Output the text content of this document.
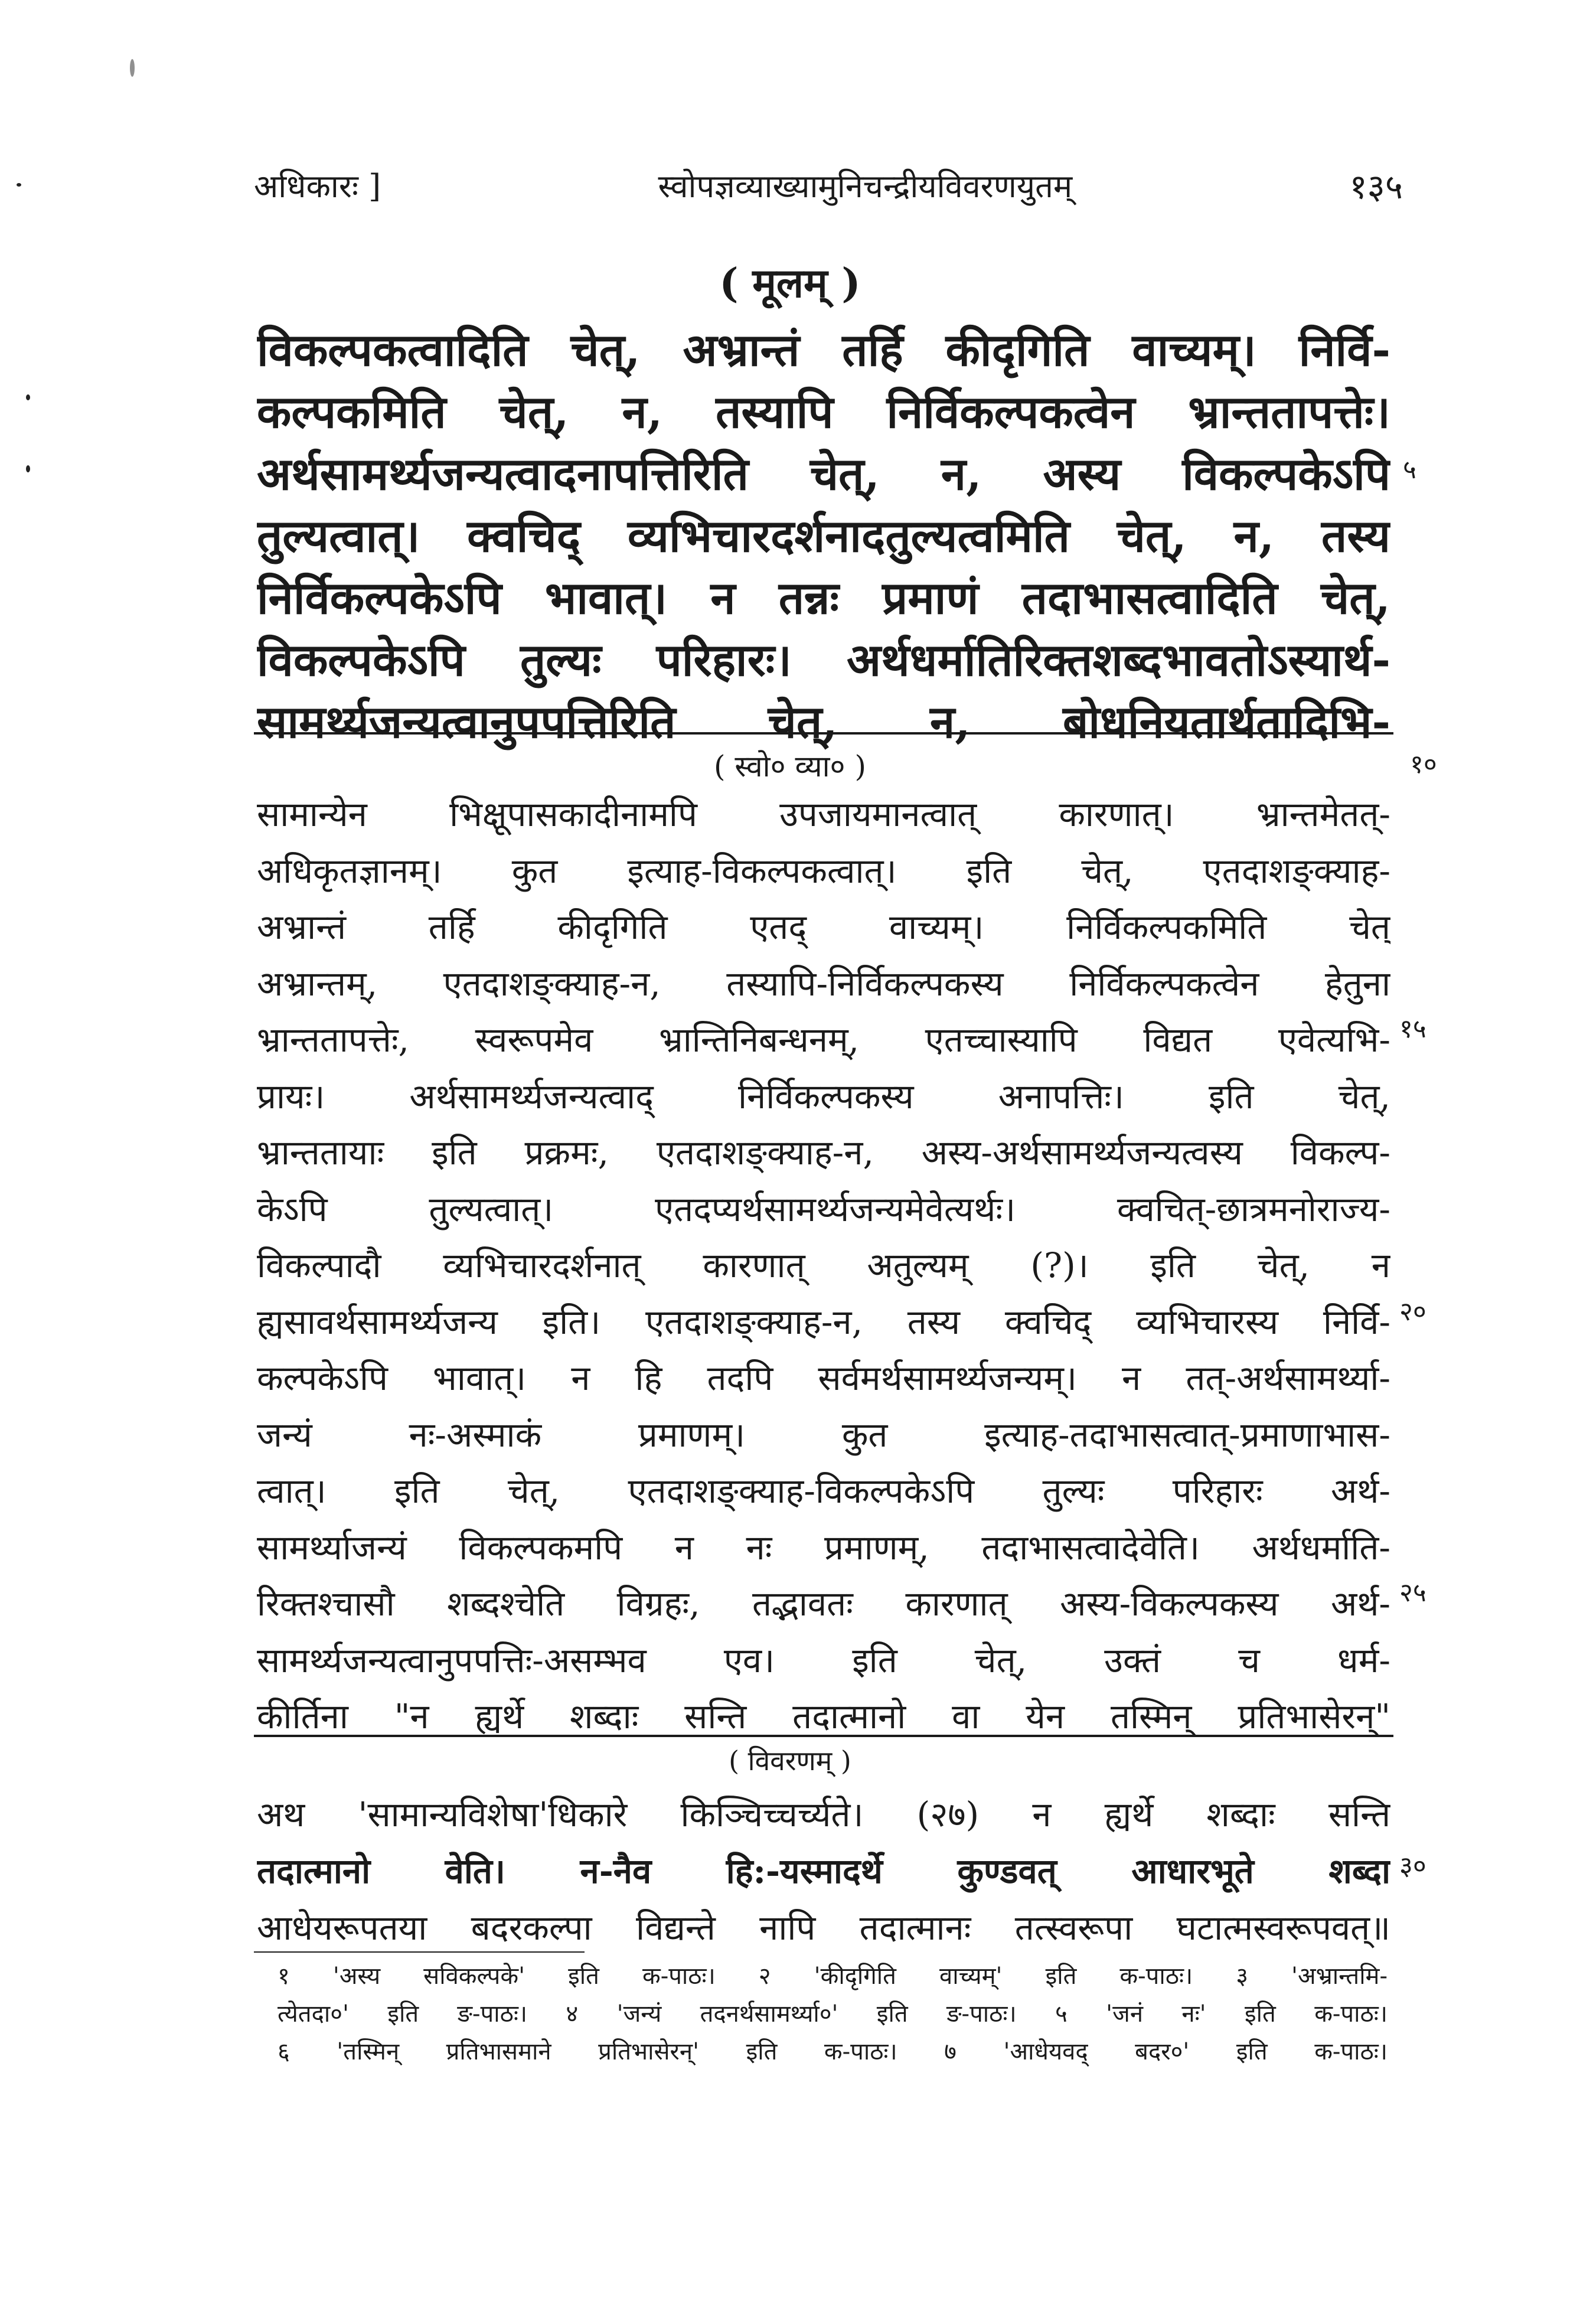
अधिकारः ]	स्वोपज्ञव्याख्यामुनिचन्द्रीयविवरणयुतम्	१३५
( मूलम् )
विकल्पकत्वादिति चेत्, अभ्रान्तं तर्हि कीदृगिति वाच्यम्। निर्वि-
कल्पकमिति चेत्, न, तस्यापि निर्विकल्पकत्वेन भ्रान्ततापत्तेः।
अर्थसामर्थ्यजन्यत्वादनापत्तिरिति चेत्, न, अस्य विकल्पकेऽपि
तुल्यत्वात्। क्वचिद् व्यभिचारदर्शनादतुल्यत्वमिति चेत्, न, तस्य
निर्विकल्पकेऽपि भावात्। न तन्नः प्रमाणं तदाभासत्वादिति चेत्,
विकल्पकेऽपि तुल्यः परिहारः। अर्थधर्मातिरिक्तशब्दभावतोऽस्यार्थ-
सामर्थ्यजन्यत्वानुपपत्तिरिति चेत्, न, बोधनियतार्थतादिभि-
( स्वो० व्या० )
सामान्येन भिक्षूपासकादीनामपि उपजायमानत्वात् कारणात्। भ्रान्तमेतत्-
अधिकृतज्ञानम्। कुत इत्याह-विकल्पकत्वात्। इति चेत्, एतदाशङ्क्याह-
अभ्रान्तं तर्हि कीदृगिति एतद् वाच्यम्। निर्विकल्पकमिति चेत्
अभ्रान्तम्, एतदाशङ्क्याह-न, तस्यापि-निर्विकल्पकस्य निर्विकल्पकत्वेन हेतुना
भ्रान्ततापत्तेः, स्वरूपमेव भ्रान्तिनिबन्धनम्, एतच्चास्यापि विद्यत एवेत्यभि-
प्रायः। अर्थसामर्थ्यजन्यत्वाद् निर्विकल्पकस्य अनापत्तिः। इति चेत्,
भ्रान्ततायाः इति प्रक्रमः, एतदाशङ्क्याह-न, अस्य-अर्थसामर्थ्यजन्यत्वस्य विकल्प-
केऽपि तुल्यत्वात्। एतदप्यर्थसामर्थ्यजन्यमेवेत्यर्थः। क्वचित्-छात्रमनोराज्य-
विकल्पादौ व्यभिचारदर्शनात् कारणात् अतुल्यम् (?)। इति चेत्, न
ह्यसावर्थसामर्थ्यजन्य इति। एतदाशङ्क्याह-न, तस्य क्वचिद् व्यभिचारस्य निर्वि-
कल्पकेऽपि भावात्। न हि तदपि सर्वमर्थसामर्थ्यजन्यम्। न तत्-अर्थसामर्थ्या-
जन्यं नः-अस्माकं प्रमाणम्। कुत इत्याह-तदाभासत्वात्-प्रमाणाभास-
त्वात्। इति चेत्, एतदाशङ्क्याह-विकल्पकेऽपि तुल्यः परिहारः अर्थ-
सामर्थ्याजन्यं विकल्पकमपि न नः प्रमाणम्, तदाभासत्वादेवेति। अर्थधर्माति-
रिक्तश्चासौ शब्दश्चेति विग्रहः, तद्भावतः कारणात् अस्य-विकल्पकस्य अर्थ-
सामर्थ्यजन्यत्वानुपपत्तिः-असम्भव एव। इति चेत्, उक्तं च धर्म-
कीर्तिना "न ह्यर्थे शब्दाः सन्ति तदात्मानो वा येन तस्मिन् प्रतिभासेरन्"
( विवरणम् )
अथ 'सामान्यविशेषा'धिकारे किञ्चिच्चर्च्यते। (२७) न ह्यर्थे शब्दाः सन्ति
तदात्मानो वेति। न-नैव हि:-यस्मादर्थे कुण्डवत् आधारभूते शब्दा
आधेयरूपतया बदरकल्पा विद्यन्ते नापि तदात्मानः तत्स्वरूपा घटात्मस्वरूपवत्॥
१ 'अस्य सविकल्पके' इति क-पाठः। २ 'कीदृगिति वाच्यम्' इति क-पाठः। ३ 'अभ्रान्तमि-
त्येतदा०' इति ङ-पाठः। ४ 'जन्यं तदनर्थसामर्थ्या०' इति ङ-पाठः। ५ 'जनं नः' इति क-पाठः।
६ 'तस्मिन् प्रतिभासमाने प्रतिभासेरन्' इति क-पाठः। ७ 'आधेयवद् बदर०' इति क-पाठः।
५
१०
१५
२०
२५
३०
